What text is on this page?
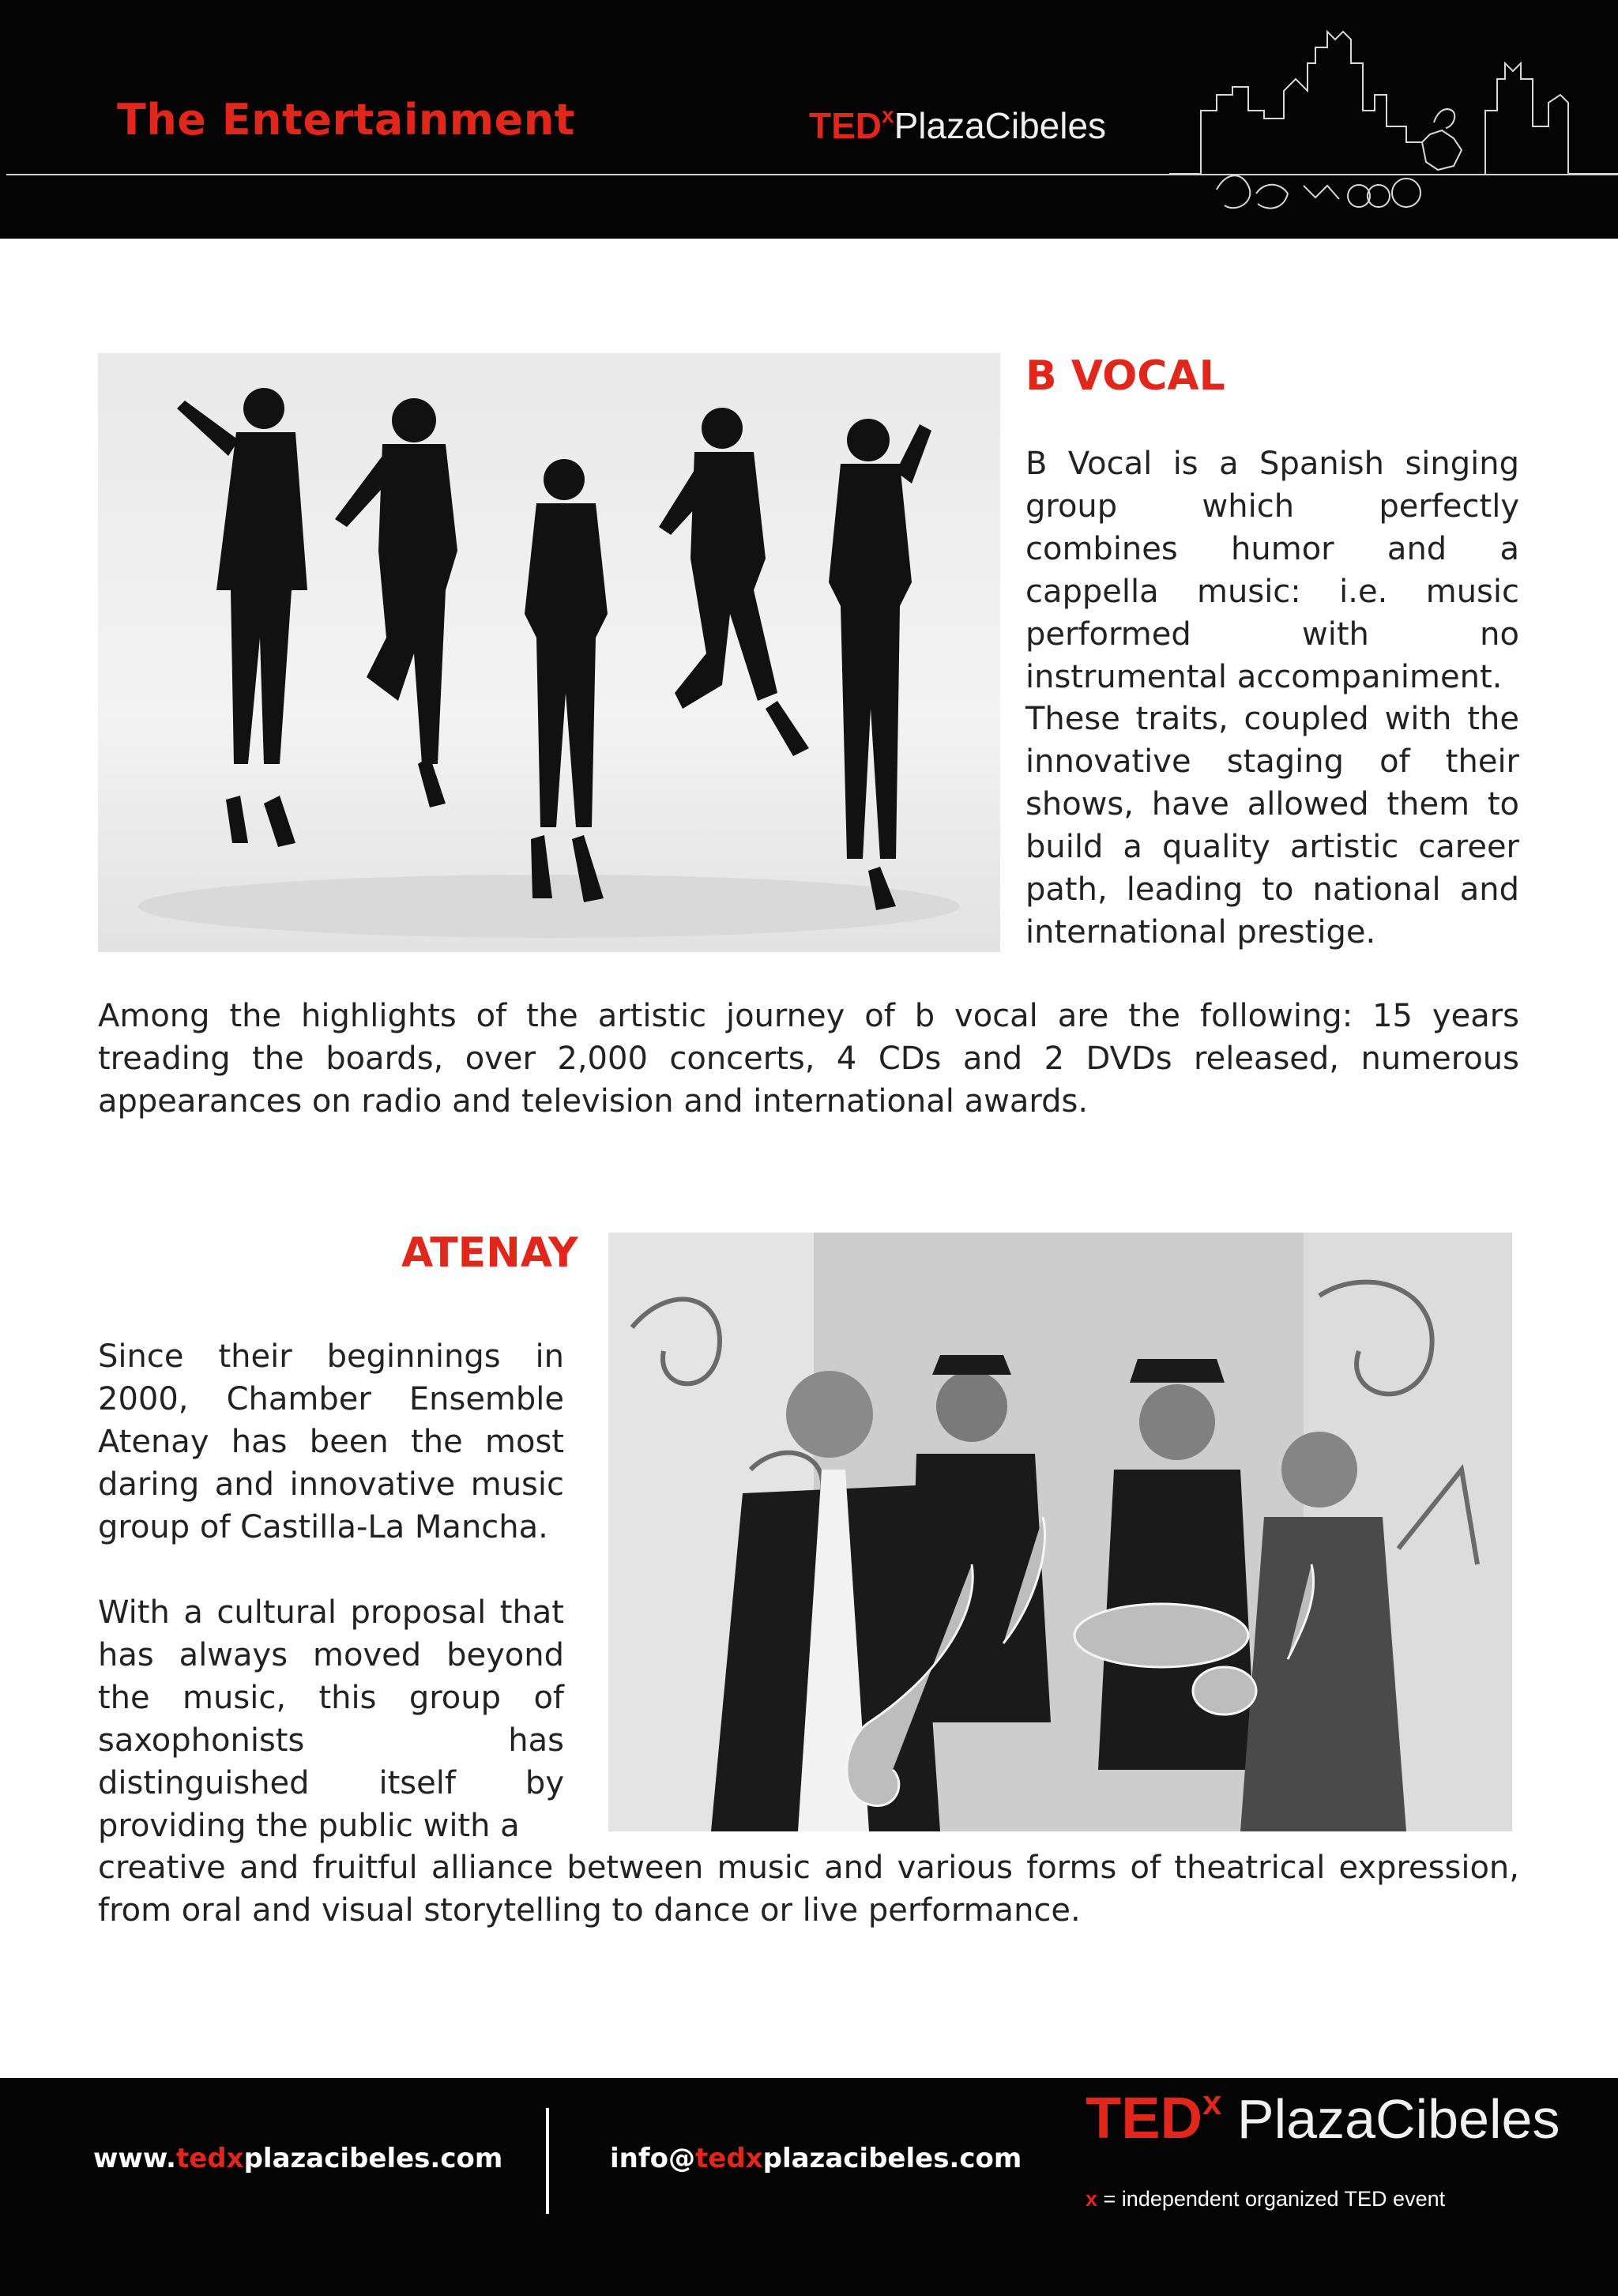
The Entertainment	TEDxPlazaCibeles
B VOCAL

B Vocal is a Spanish singing group which perfectly combines humor and a cappella music: i.e. music performed with no instrumental accompaniment.

These traits, coupled with the innovative staging of their shows, have allowed them to build a quality artistic career path, leading to national and international prestige.

Among the highlights of the artistic journey of b vocal are the following: 15 years treading the boards, over 2,000 concerts, 4 CDs and 2 DVDs released, numerous appearances on radio and television and international awards.

ATENAY

Since their beginnings in 2000, Chamber Ensemble Atenay has been the most daring and innovative music group of Castilla-La Mancha.

With a cultural proposal that has always moved beyond the music, this group of saxophonists has distinguished itself by providing the public with a

creative and fruitful alliance between music and various forms of theatrical expression, from oral and visual storytelling to dance or live performance.

www.tedxplazacibeles.com	info@tedxplazacibeles.com
TEDx PlazaCibeles
x = independent organized TED event
